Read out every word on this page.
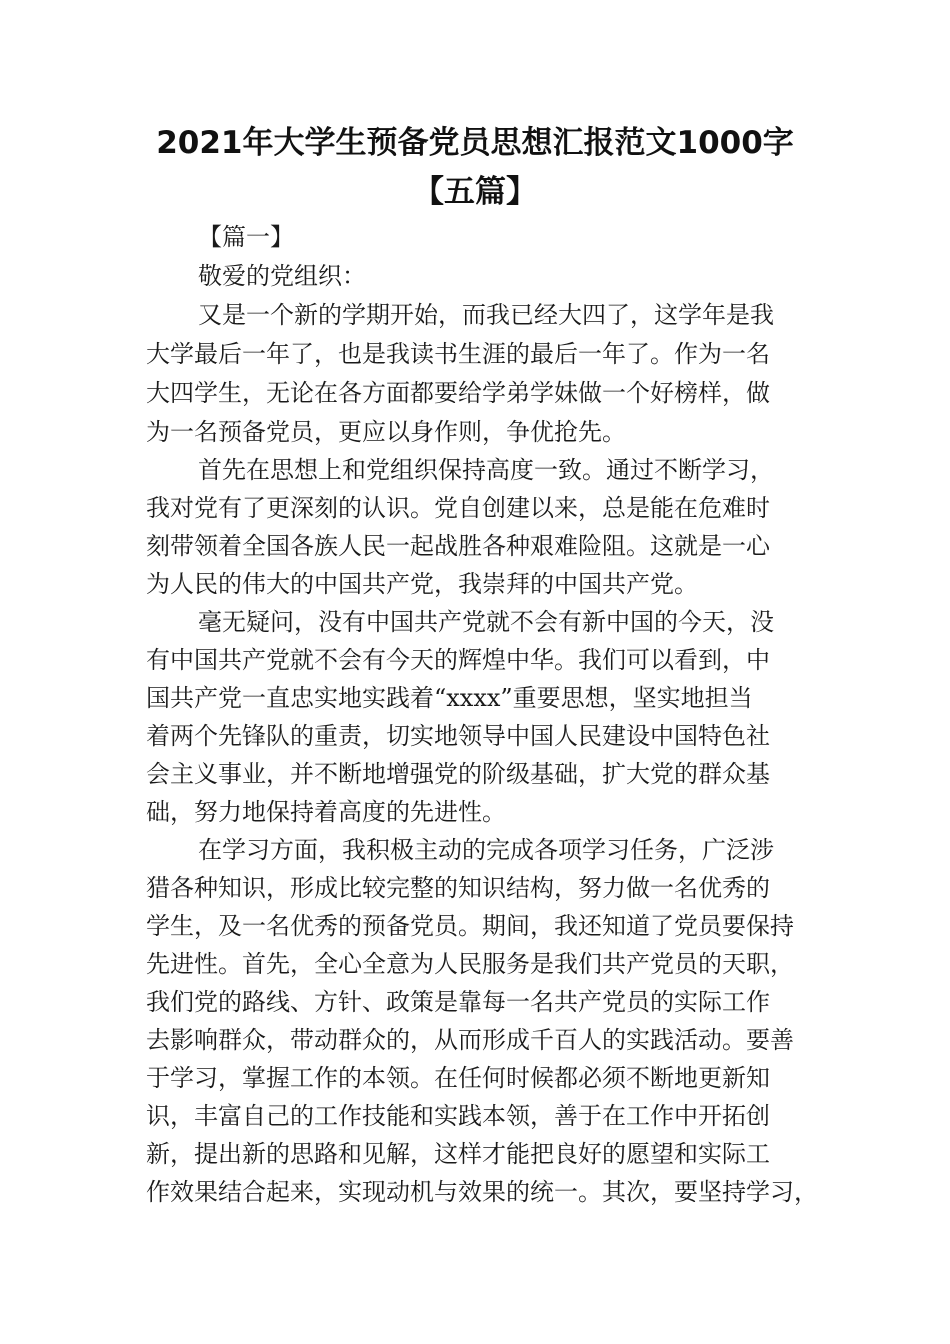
2021年大学生预备党员思想汇报范文1000字
【五篇】
【篇一】
敬爱的党组织：
又是一个新的学期开始，而我已经大四了，这学年是我
大学最后一年了，也是我读书生涯的最后一年了。作为一名
大四学生，无论在各方面都要给学弟学妹做一个好榜样，做
为一名预备党员，更应以身作则，争优抢先。
首先在思想上和党组织保持高度一致。通过不断学习，
我对党有了更深刻的认识。党自创建以来，总是能在危难时
刻带领着全国各族人民一起战胜各种艰难险阻。这就是一心
为人民的伟大的中国共产党，我崇拜的中国共产党。
毫无疑问，没有中国共产党就不会有新中国的今天，没
有中国共产党就不会有今天的辉煌中华。我们可以看到，中
国共产党一直忠实地实践着“xxxx”重要思想，坚实地担当
着两个先锋队的重责，切实地领导中国人民建设中国特色社
会主义事业，并不断地增强党的阶级基础，扩大党的群众基
础，努力地保持着高度的先进性。
在学习方面，我积极主动的完成各项学习任务，广泛涉
猎各种知识，形成比较完整的知识结构，努力做一名优秀的
学生，及一名优秀的预备党员。期间，我还知道了党员要保持
先进性。首先，全心全意为人民服务是我们共产党员的天职，
我们党的路线、方针、政策是靠每一名共产党员的实际工作
去影响群众，带动群众的，从而形成千百人的实践活动。要善
于学习，掌握工作的本领。在任何时候都必须不断地更新知
识，丰富自己的工作技能和实践本领，善于在工作中开拓创
新，提出新的思路和见解，这样才能把良好的愿望和实际工
作效果结合起来，实现动机与效果的统一。其次，要坚持学习，
